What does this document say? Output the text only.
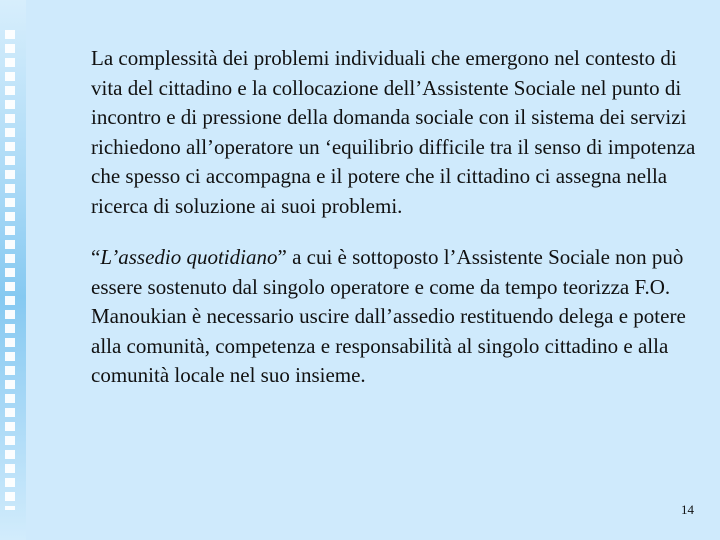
La complessità dei problemi individuali che emergono nel contesto di vita del cittadino e la collocazione dell’Assistente Sociale nel punto di incontro e di pressione della domanda sociale con il sistema dei servizi richiedono all’operatore un ‘equilibrio difficile tra il senso di impotenza che spesso ci accompagna e il potere che il cittadino ci assegna nella ricerca di soluzione ai suoi problemi.

“L’assedio quotidiano” a cui è sottoposto l’Assistente Sociale non può essere sostenuto dal singolo operatore e come da tempo teorizza F.O. Manoukian è necessario uscire dall’assedio restituendo delega e potere alla comunità, competenza e responsabilità al singolo cittadino e alla comunità locale nel suo insieme.

14
